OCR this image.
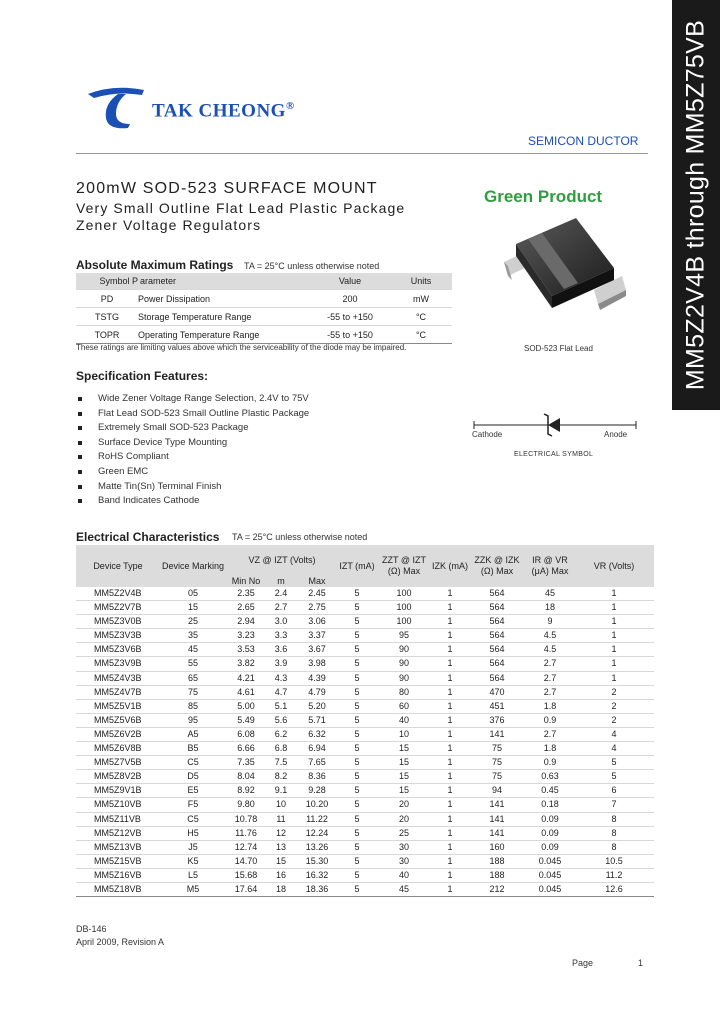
MM5Z2V4B through MM5Z75VB
TAK CHEONG®
SEMICON DUCTOR
200mW SOD-523 SURFACE MOUNT
Very Small Outline Flat Lead Plastic Package
Zener Voltage Regulators
Green Product
SOD-523 Flat Lead
Cathode	Anode
ELECTRICAL SYMBOL
Absolute Maximum Ratings TA = 25°C unless otherwise noted
Symbol P	arameter	Value	Units
PD	Power Dissipation	200	mW
TSTG	Storage Temperature Range	-55 to +150	°C
TOPR	Operating Temperature Range	-55 to +150	°C
These ratings are limiting values above which the serviceability of the diode may be impaired.
Specification Features:
Wide Zener Voltage Range Selection, 2.4V to 75V
Flat Lead SOD-523 Small Outline Plastic Package
Extremely Small SOD-523 Package
Surface Device Type Mounting
RoHS Compliant
Green EMC
Matte Tin(Sn) Terminal Finish
Band Indicates Cathode
Electrical Characteristics TA = 25°C unless otherwise noted
Device Type	Device Marking	VZ @ IZT (Volts)			IZT (mA)	ZZT @ IZT (Ω) Max	IZK (mA)	ZZK @ IZK (Ω) Max	IR @ VR (μA) Max	VR (Volts)
		Min No	m	Max						
MM5Z2V4B	05	2.35	2.4	2.45	5	100	1	564	45	1
MM5Z2V7B	15	2.65	2.7	2.75	5	100	1	564	18	1
MM5Z3V0B	25	2.94	3.0	3.06	5	100	1	564	9	1
MM5Z3V3B	35	3.23	3.3	3.37	5	95	1	564	4.5	1
MM5Z3V6B	45	3.53	3.6	3.67	5	90	1	564	4.5	1
MM5Z3V9B	55	3.82	3.9	3.98	5	90	1	564	2.7	1
MM5Z4V3B	65	4.21	4.3	4.39	5	90	1	564	2.7	1
MM5Z4V7B	75	4.61	4.7	4.79	5	80	1	470	2.7	2
MM5Z5V1B	85	5.00	5.1	5.20	5	60	1	451	1.8	2
MM5Z5V6B	95	5.49	5.6	5.71	5	40	1	376	0.9	2
MM5Z6V2B	A5	6.08	6.2	6.32	5	10	1	141	2.7	4
MM5Z6V8B	B5	6.66	6.8	6.94	5	15	1	75	1.8	4
MM5Z7V5B	C5	7.35	7.5	7.65	5	15	1	75	0.9	5
MM5Z8V2B	D5	8.04	8.2	8.36	5	15	1	75	0.63	5
MM5Z9V1B	E5	8.92	9.1	9.28	5	15	1	94	0.45	6
MM5Z10VB	F5	9.80	10	10.20	5	20	1	141	0.18	7
MM5Z11VB	C5	10.78	11	11.22	5	20	1	141	0.09	8
MM5Z12VB	H5	11.76	12	12.24	5	25	1	141	0.09	8
MM5Z13VB	J5	12.74	13	13.26	5	30	1	160	0.09	8
MM5Z15VB	K5	14.70	15	15.30	5	30	1	188	0.045	10.5
MM5Z16VB	L5	15.68	16	16.32	5	40	1	188	0.045	11.2
MM5Z18VB	M5	17.64	18	18.36	5	45	1	212	0.045	12.6
DB-146
April 2009, Revision A
Page	1
